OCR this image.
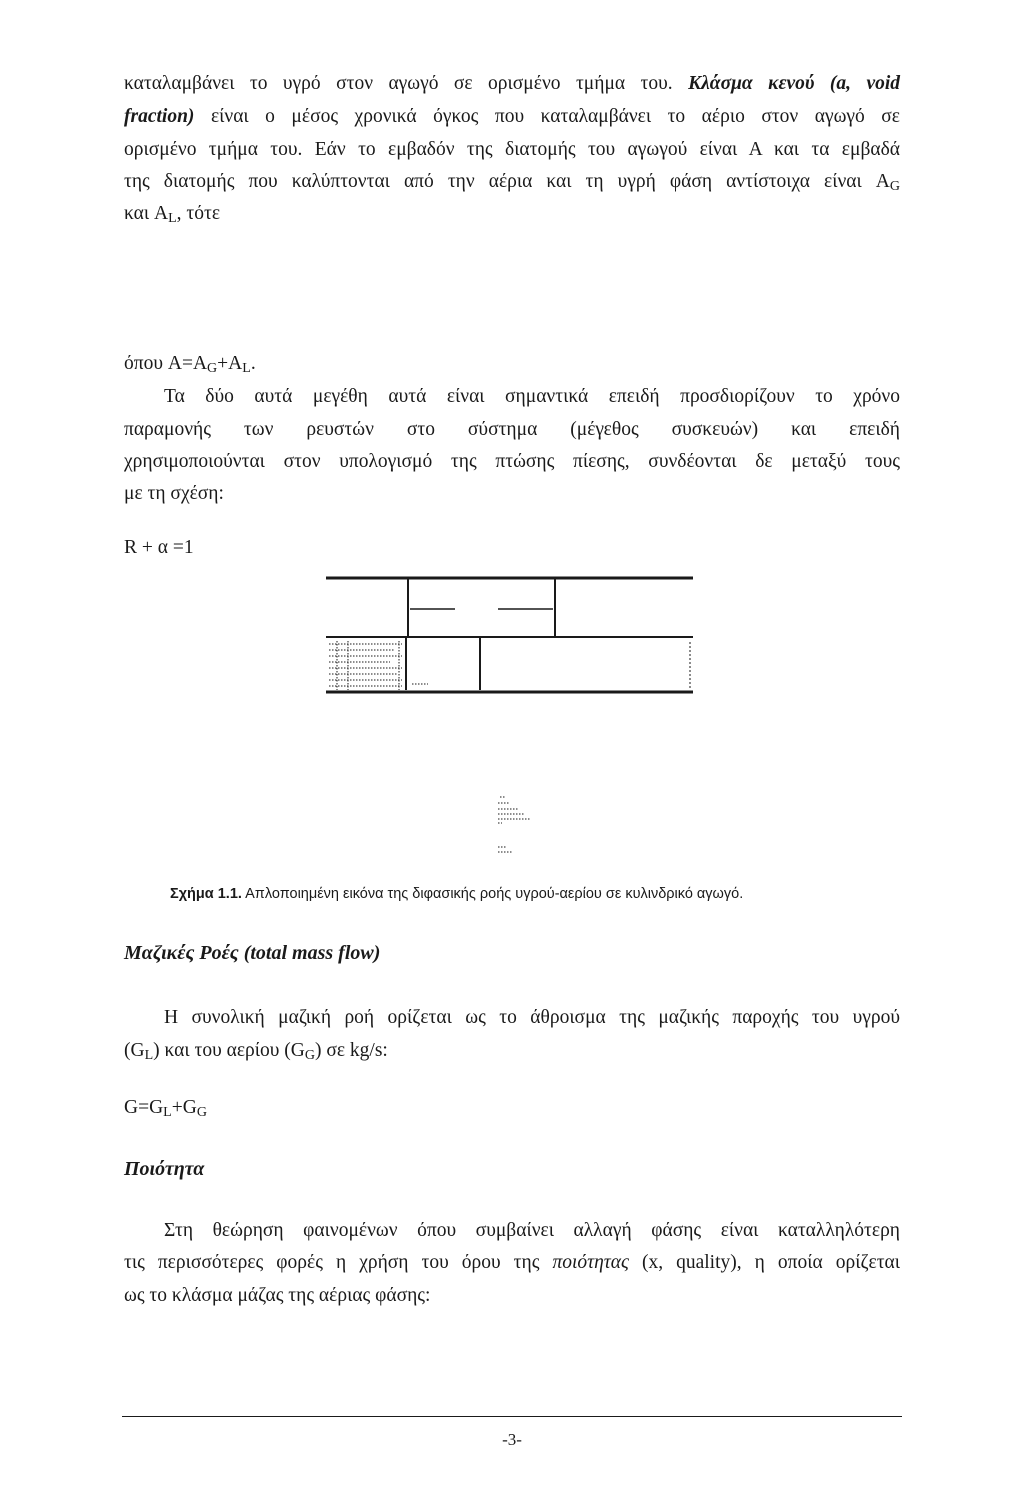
καταλαμβάνει το υγρό στον αγωγό σε ορισμένο τμήμα του. Κλάσμα κενού (a, void
fraction) είναι ο μέσος χρονικά όγκος που καταλαμβάνει το αέριο στον αγωγό σε
ορισμένο τμήμα του. Εάν το εμβαδόν της διατομής του αγωγού είναι Α και τα εμβαδά
της διατομής που καλύπτονται από την αέρια και τη υγρή φάση αντίστοιχα είναι $A_G$
και $A_L$, τότε
όπου $A=A_G+A_L$.
Τα δύο αυτά μεγέθη αυτά είναι σημαντικά επειδή προσδιορίζουν το χρόνο
παραμονής των ρευστών στο σύστημα (μέγεθος συσκευών) και επειδή
χρησιμοποιούνται στον υπολογισμό της πτώσης πίεσης, συνδέονται δε μεταξύ τους
με τη σχέση:
R + α =1
Σχήμα 1.1. Απλοποιημένη εικόνα της διφασικής ροής υγρού-αερίου σε κυλινδρικό αγωγό.
Μαζικές Ροές (total mass flow)
Η συνολική μαζική ροή ορίζεται ως το άθροισμα της μαζικής παροχής του υγρού
$(G_L)$ και του αερίου $(G_G)$ σε kg/s:
$G=G_L+G_G$
Ποιότητα
Στη θεώρηση φαινομένων όπου συμβαίνει αλλαγή φάσης είναι καταλληλότερη
τις περισσότερες φορές η χρήση του όρου της ποιότητας (x, quality), η οποία ορίζεται
ως το κλάσμα μάζας της αέριας φάσης:
-3-
